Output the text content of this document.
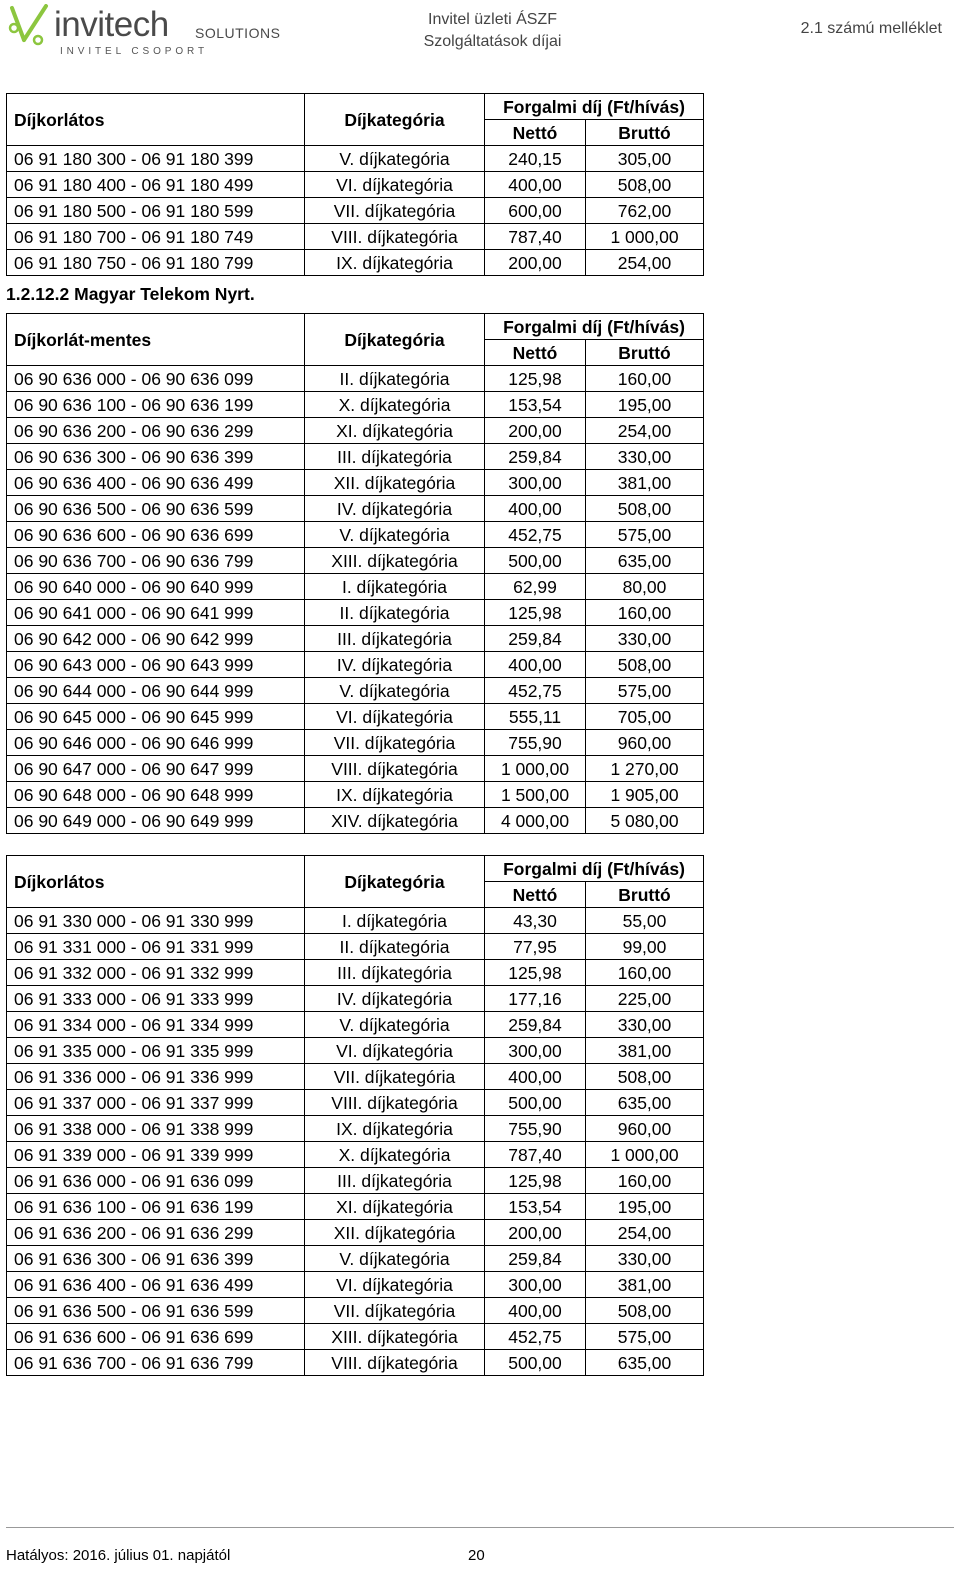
invitech SOLUTIONS
INVITEL CSOPORT
Invitel üzleti ÁSZF
Szolgáltatások díjai
2.1 számú melléklet
Díjkorlátos	Díjkategória	Forgalmi díj (Ft/hívás)	
		Nettó	Bruttó
06 91 180 300 - 06 91 180 399	V. díjkategória	240,15	305,00
06 91 180 400 - 06 91 180 499	VI. díjkategória	400,00	508,00
06 91 180 500 - 06 91 180 599	VII. díjkategória	600,00	762,00
06 91 180 700 - 06 91 180 749	VIII. díjkategória	787,40	1 000,00
06 91 180 750 - 06 91 180 799	IX. díjkategória	200,00	254,00
1.2.12.2 Magyar Telekom Nyrt.
Díjkorlát-mentes	Díjkategória	Forgalmi díj (Ft/hívás)	
		Nettó	Bruttó
06 90 636 000 - 06 90 636 099	II. díjkategória	125,98	160,00
06 90 636 100 - 06 90 636 199	X. díjkategória	153,54	195,00
06 90 636 200 - 06 90 636 299	XI. díjkategória	200,00	254,00
06 90 636 300 - 06 90 636 399	III. díjkategória	259,84	330,00
06 90 636 400 - 06 90 636 499	XII. díjkategória	300,00	381,00
06 90 636 500 - 06 90 636 599	IV. díjkategória	400,00	508,00
06 90 636 600 - 06 90 636 699	V. díjkategória	452,75	575,00
06 90 636 700 - 06 90 636 799	XIII. díjkategória	500,00	635,00
06 90 640 000 - 06 90 640 999	I. díjkategória	62,99	80,00
06 90 641 000 - 06 90 641 999	II. díjkategória	125,98	160,00
06 90 642 000 - 06 90 642 999	III. díjkategória	259,84	330,00
06 90 643 000 - 06 90 643 999	IV. díjkategória	400,00	508,00
06 90 644 000 - 06 90 644 999	V. díjkategória	452,75	575,00
06 90 645 000 - 06 90 645 999	VI. díjkategória	555,11	705,00
06 90 646 000 - 06 90 646 999	VII. díjkategória	755,90	960,00
06 90 647 000 - 06 90 647 999	VIII. díjkategória	1 000,00	1 270,00
06 90 648 000 - 06 90 648 999	IX. díjkategória	1 500,00	1 905,00
06 90 649 000 - 06 90 649 999	XIV. díjkategória	4 000,00	5 080,00
Díjkorlátos	Díjkategória	Forgalmi díj (Ft/hívás)	
		Nettó	Bruttó
06 91 330 000 - 06 91 330 999	I. díjkategória	43,30	55,00
06 91 331 000 - 06 91 331 999	II. díjkategória	77,95	99,00
06 91 332 000 - 06 91 332 999	III. díjkategória	125,98	160,00
06 91 333 000 - 06 91 333 999	IV. díjkategória	177,16	225,00
06 91 334 000 - 06 91 334 999	V. díjkategória	259,84	330,00
06 91 335 000 - 06 91 335 999	VI. díjkategória	300,00	381,00
06 91 336 000 - 06 91 336 999	VII. díjkategória	400,00	508,00
06 91 337 000 - 06 91 337 999	VIII. díjkategória	500,00	635,00
06 91 338 000 - 06 91 338 999	IX. díjkategória	755,90	960,00
06 91 339 000 - 06 91 339 999	X. díjkategória	787,40	1 000,00
06 91 636 000 - 06 91 636 099	III. díjkategória	125,98	160,00
06 91 636 100 - 06 91 636 199	XI. díjkategória	153,54	195,00
06 91 636 200 - 06 91 636 299	XII. díjkategória	200,00	254,00
06 91 636 300 - 06 91 636 399	V. díjkategória	259,84	330,00
06 91 636 400 - 06 91 636 499	VI. díjkategória	300,00	381,00
06 91 636 500 - 06 91 636 599	VII. díjkategória	400,00	508,00
06 91 636 600 - 06 91 636 699	XIII. díjkategória	452,75	575,00
06 91 636 700 - 06 91 636 799	VIII. díjkategória	500,00	635,00
Hatályos: 2016. július 01. napjától	20
